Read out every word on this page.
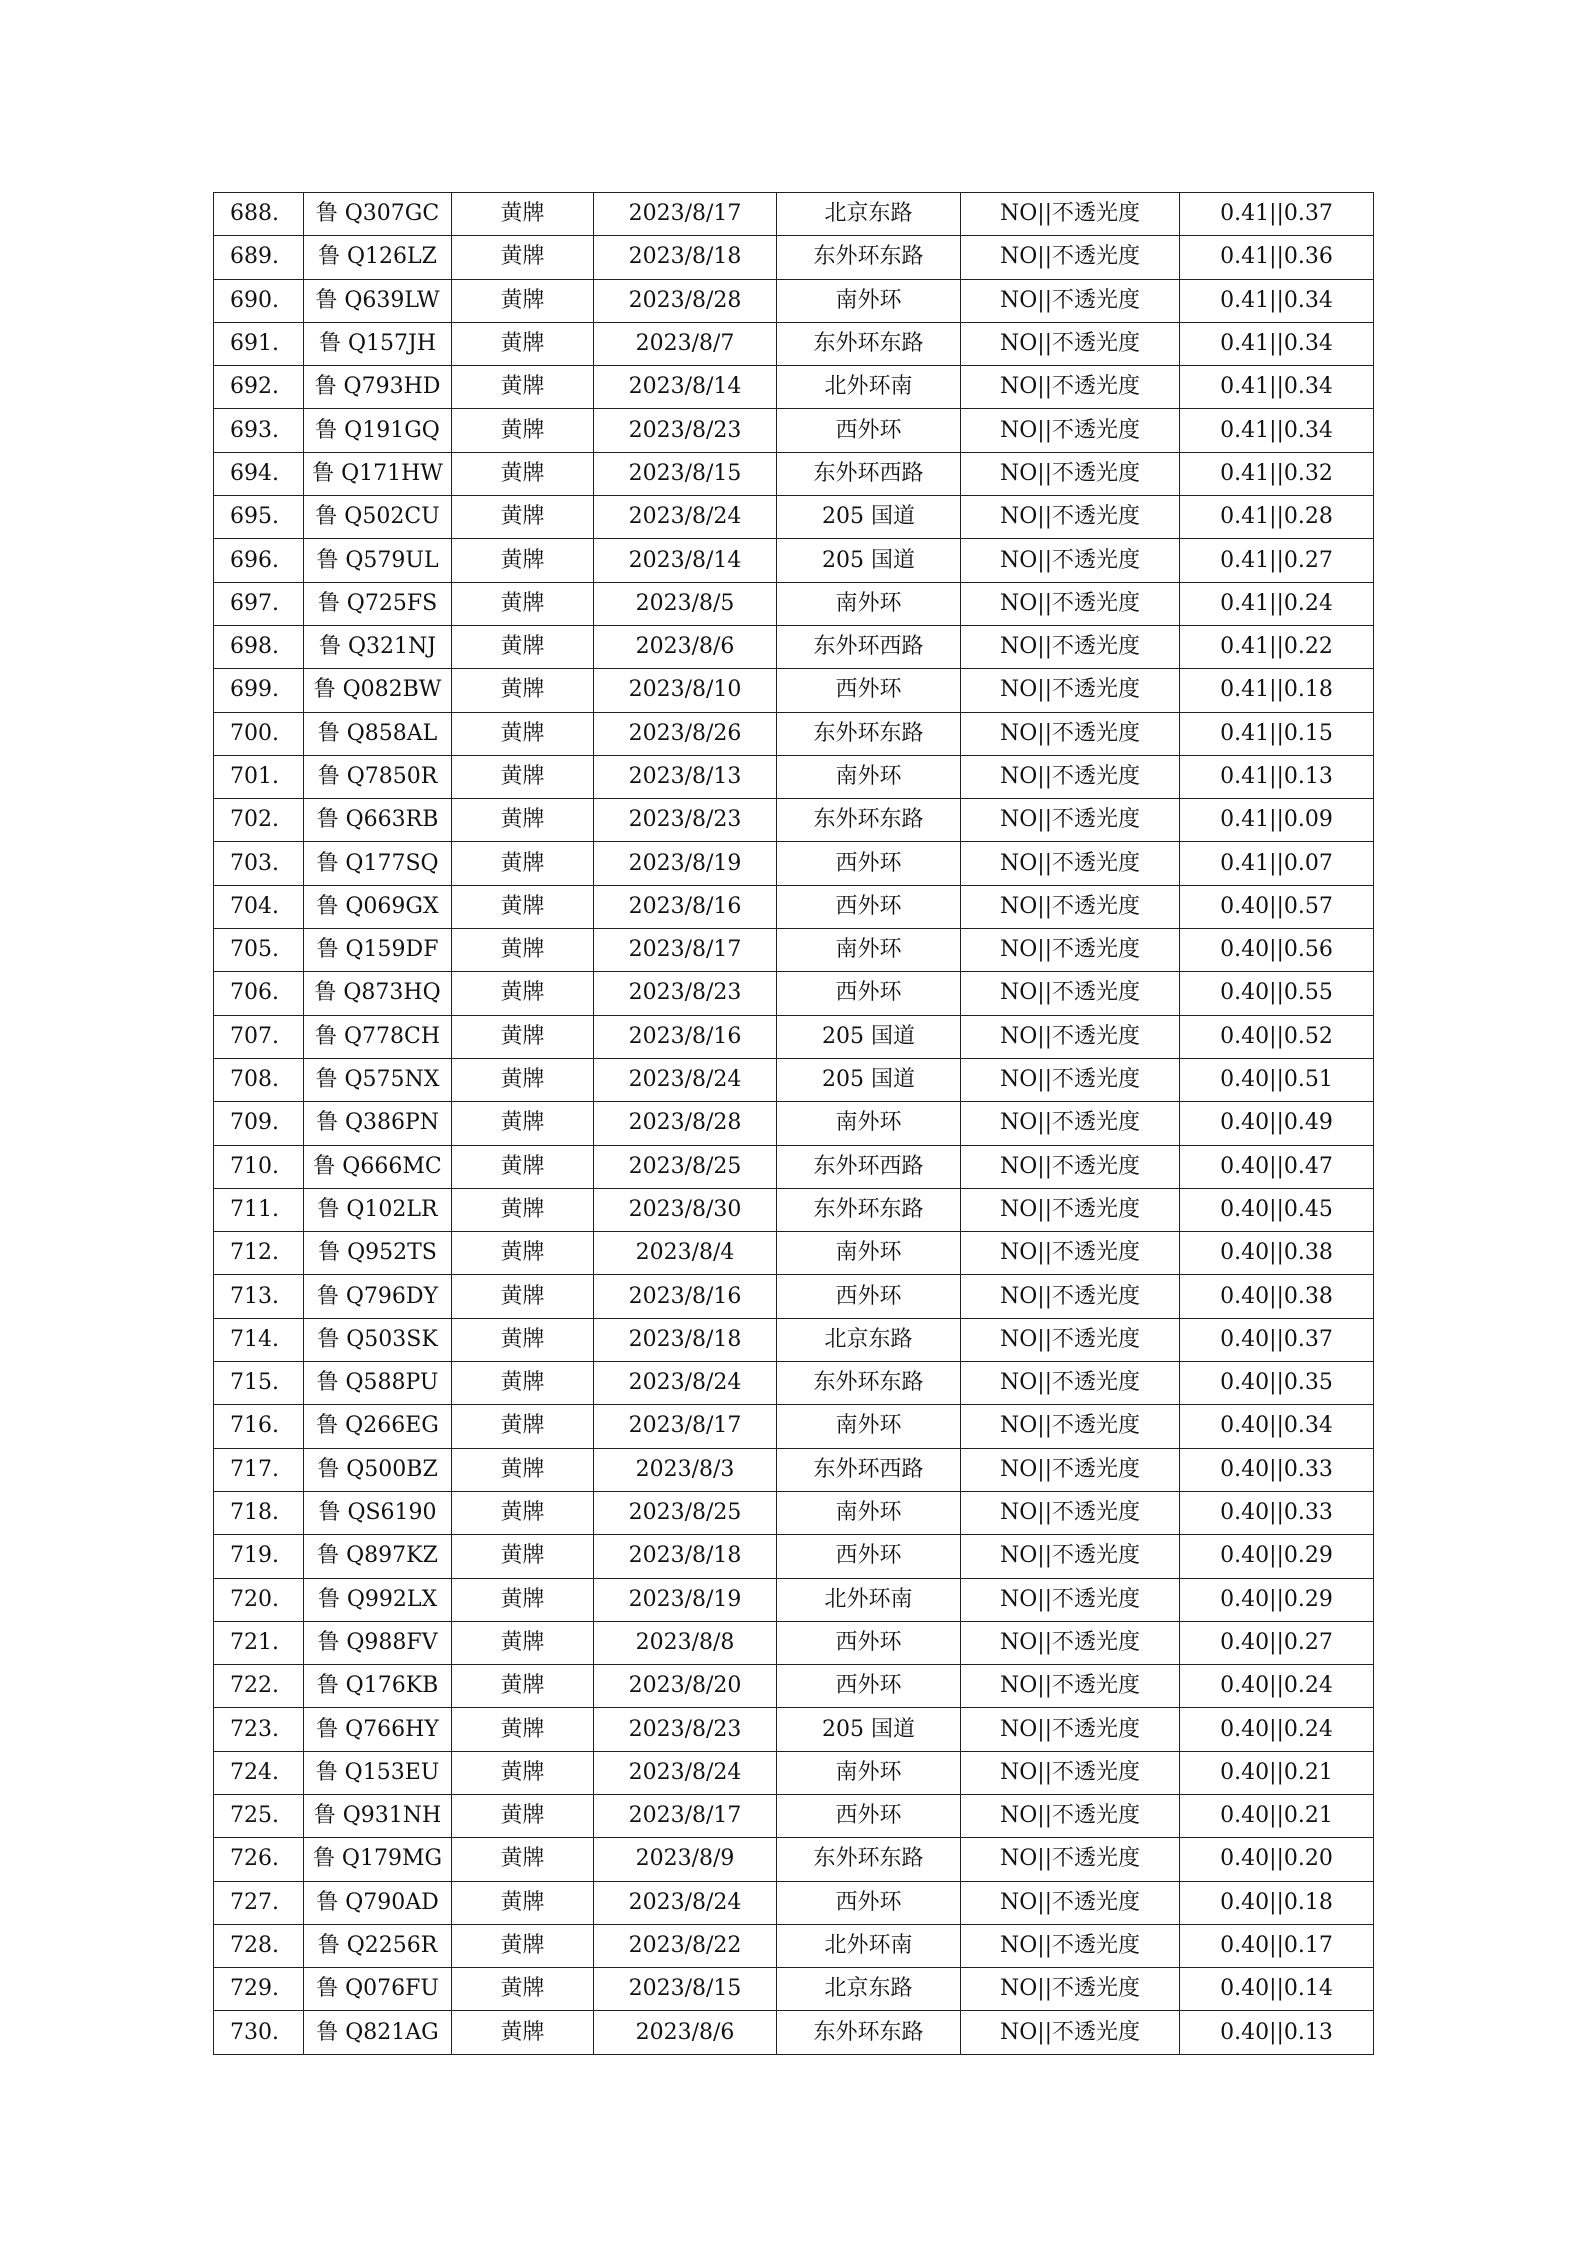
688.	鲁 Q307GC	黄牌	2023/8/17	北京东路	NO||不透光度	0.41||0.37
689.	鲁 Q126LZ	黄牌	2023/8/18	东外环东路	NO||不透光度	0.41||0.36
690.	鲁 Q639LW	黄牌	2023/8/28	南外环	NO||不透光度	0.41||0.34
691.	鲁 Q157JH	黄牌	2023/8/7	东外环东路	NO||不透光度	0.41||0.34
692.	鲁 Q793HD	黄牌	2023/8/14	北外环南	NO||不透光度	0.41||0.34
693.	鲁 Q191GQ	黄牌	2023/8/23	西外环	NO||不透光度	0.41||0.34
694.	鲁 Q171HW	黄牌	2023/8/15	东外环西路	NO||不透光度	0.41||0.32
695.	鲁 Q502CU	黄牌	2023/8/24	205 国道	NO||不透光度	0.41||0.28
696.	鲁 Q579UL	黄牌	2023/8/14	205 国道	NO||不透光度	0.41||0.27
697.	鲁 Q725FS	黄牌	2023/8/5	南外环	NO||不透光度	0.41||0.24
698.	鲁 Q321NJ	黄牌	2023/8/6	东外环西路	NO||不透光度	0.41||0.22
699.	鲁 Q082BW	黄牌	2023/8/10	西外环	NO||不透光度	0.41||0.18
700.	鲁 Q858AL	黄牌	2023/8/26	东外环东路	NO||不透光度	0.41||0.15
701.	鲁 Q7850R	黄牌	2023/8/13	南外环	NO||不透光度	0.41||0.13
702.	鲁 Q663RB	黄牌	2023/8/23	东外环东路	NO||不透光度	0.41||0.09
703.	鲁 Q177SQ	黄牌	2023/8/19	西外环	NO||不透光度	0.41||0.07
704.	鲁 Q069GX	黄牌	2023/8/16	西外环	NO||不透光度	0.40||0.57
705.	鲁 Q159DF	黄牌	2023/8/17	南外环	NO||不透光度	0.40||0.56
706.	鲁 Q873HQ	黄牌	2023/8/23	西外环	NO||不透光度	0.40||0.55
707.	鲁 Q778CH	黄牌	2023/8/16	205 国道	NO||不透光度	0.40||0.52
708.	鲁 Q575NX	黄牌	2023/8/24	205 国道	NO||不透光度	0.40||0.51
709.	鲁 Q386PN	黄牌	2023/8/28	南外环	NO||不透光度	0.40||0.49
710.	鲁 Q666MC	黄牌	2023/8/25	东外环西路	NO||不透光度	0.40||0.47
711.	鲁 Q102LR	黄牌	2023/8/30	东外环东路	NO||不透光度	0.40||0.45
712.	鲁 Q952TS	黄牌	2023/8/4	南外环	NO||不透光度	0.40||0.38
713.	鲁 Q796DY	黄牌	2023/8/16	西外环	NO||不透光度	0.40||0.38
714.	鲁 Q503SK	黄牌	2023/8/18	北京东路	NO||不透光度	0.40||0.37
715.	鲁 Q588PU	黄牌	2023/8/24	东外环东路	NO||不透光度	0.40||0.35
716.	鲁 Q266EG	黄牌	2023/8/17	南外环	NO||不透光度	0.40||0.34
717.	鲁 Q500BZ	黄牌	2023/8/3	东外环西路	NO||不透光度	0.40||0.33
718.	鲁 QS6190	黄牌	2023/8/25	南外环	NO||不透光度	0.40||0.33
719.	鲁 Q897KZ	黄牌	2023/8/18	西外环	NO||不透光度	0.40||0.29
720.	鲁 Q992LX	黄牌	2023/8/19	北外环南	NO||不透光度	0.40||0.29
721.	鲁 Q988FV	黄牌	2023/8/8	西外环	NO||不透光度	0.40||0.27
722.	鲁 Q176KB	黄牌	2023/8/20	西外环	NO||不透光度	0.40||0.24
723.	鲁 Q766HY	黄牌	2023/8/23	205 国道	NO||不透光度	0.40||0.24
724.	鲁 Q153EU	黄牌	2023/8/24	南外环	NO||不透光度	0.40||0.21
725.	鲁 Q931NH	黄牌	2023/8/17	西外环	NO||不透光度	0.40||0.21
726.	鲁 Q179MG	黄牌	2023/8/9	东外环东路	NO||不透光度	0.40||0.20
727.	鲁 Q790AD	黄牌	2023/8/24	西外环	NO||不透光度	0.40||0.18
728.	鲁 Q2256R	黄牌	2023/8/22	北外环南	NO||不透光度	0.40||0.17
729.	鲁 Q076FU	黄牌	2023/8/15	北京东路	NO||不透光度	0.40||0.14
730.	鲁 Q821AG	黄牌	2023/8/6	东外环东路	NO||不透光度	0.40||0.13
